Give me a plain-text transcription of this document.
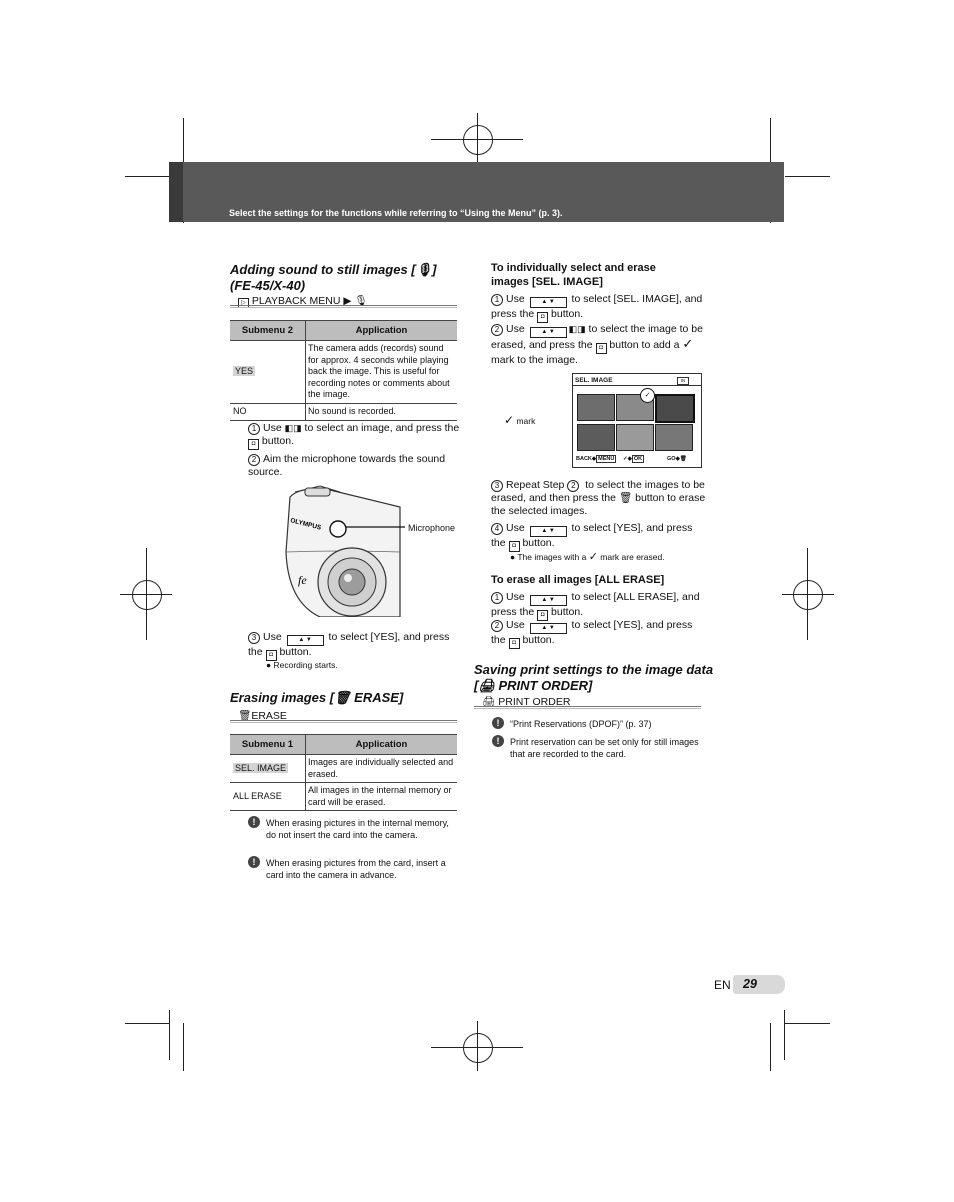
Select the settings for the functions while referring to “Using the Menu” (p. 3).
Adding sound to still images [🎙]
(FE-45/X-40)
▷ PLAYBACK MENU ▶ 🎙
Submenu 2	Application
YES	The camera adds (records) sound for approx. 4 seconds while playing back the image. This is useful for recording notes or comments about the image.
NO	No sound is recorded.
1 Use ◧◨ to select an image, and press the ◘ button.
2 Aim the microphone towards the sound source.
OLYMPUS
fe
Microphone
3 Use	▲ ▼ to select [YES], and press the ◘ button.
● Recording starts.
Erasing images [🗑 ERASE]
🗑ERASE
Submenu 1	Application
SEL. IMAGE	Images are individually selected and erased.
ALL ERASE	All images in the internal memory or card will be erased.
!	When erasing pictures in the internal memory, do not insert the card into the camera.
!	When erasing pictures from the card, insert a card into the camera in advance.
To individually select and erase images [SEL. IMAGE]
1 Use	▲ ▼ to select [SEL. IMAGE], and press the ◘ button.
2 Use	▲ ▼ ◧◨ to select the image to be erased, and press the ◘ button to add a ✓ mark to the image.
SEL. IMAGE	IN
✓
BACK◆ MENU	✓◆ OK	GO◆🗑
✓ mark
3 Repeat Step 2 to select the images to be erased, and then press the 🗑 button to erase the selected images.
4 Use	▲ ▼ to select [YES], and press the ◘ button.
● The images with a ✓ mark are erased.
To erase all images [ALL ERASE]
1 Use	▲ ▼ to select [ALL ERASE], and press the ◘ button.
2 Use	▲ ▼ to select [YES], and press the ◘ button.
Saving print settings to the image data
[🖨 PRINT ORDER]
🖨 PRINT ORDER
!	“Print Reservations (DPOF)” (p. 37)
!	Print reservation can be set only for still images that are recorded to the card.
EN 29
